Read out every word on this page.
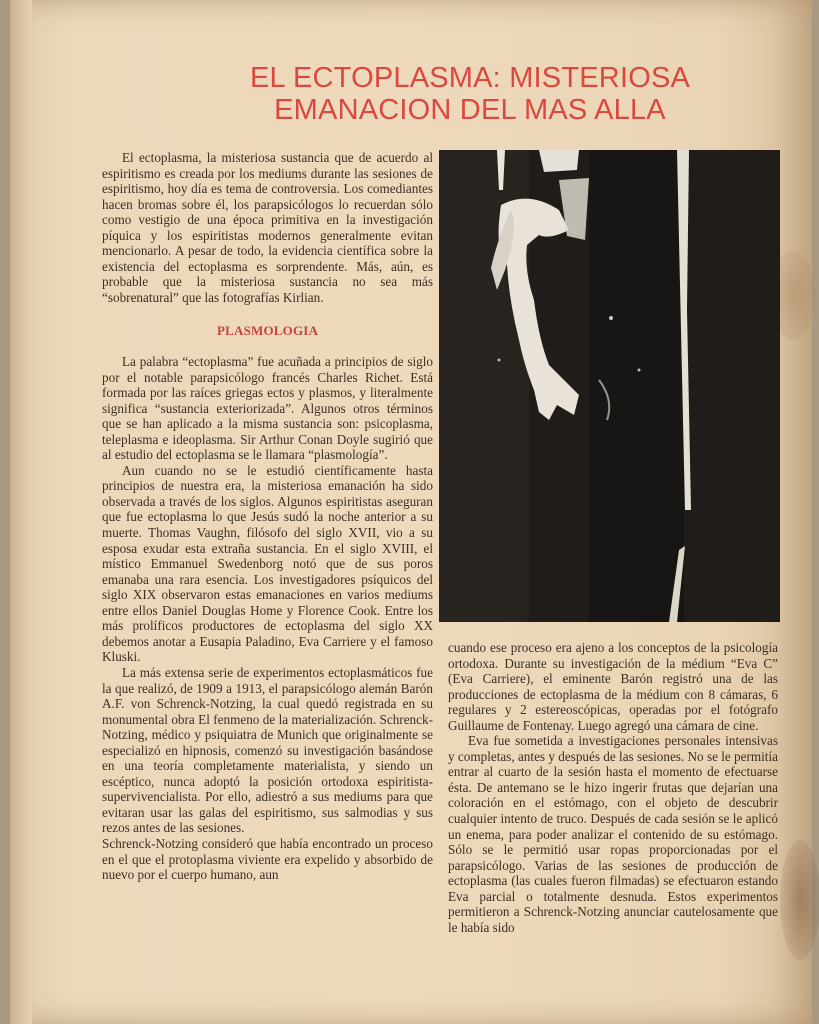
EL ECTOPLASMA: MISTERIOSA
EMANACION DEL MAS ALLA

El ectoplasma, la misteriosa sustancia que de acuerdo al espiritismo es creada por los mediums durante las sesiones de espiritismo, hoy día es tema de controversia. Los comediantes hacen bromas sobre él, los parapsicólogos lo recuerdan sólo como vestigio de una época primitiva en la investigación píquica y los espiritistas modernos generalmente evitan mencionarlo. A pesar de todo, la evidencia científica sobre la existencia del ectoplasma es sorprendente. Más, aún, es probable que la misteriosa sustancia no sea más “sobrenatural” que las fotografías Kirlian.

PLASMOLOGIA

La palabra “ectoplasma” fue acuñada a principios de siglo por el notable parapsicólogo francés Charles Richet. Está formada por las raíces griegas ectos y plasmos, y literalmente significa “sustancia exteriorizada”. Algunos otros términos que se han aplicado a la misma sustancia son: psicoplasma, teleplasma e ideoplasma. Sir Arthur Conan Doyle sugirió que al estudio del ectoplasma se le llamara “plasmología”.

Aun cuando no se le estudió científicamente hasta principios de nuestra era, la misteriosa emanación ha sido observada a través de los siglos. Algunos espiritistas aseguran que fue ectoplasma lo que Jesús sudó la noche anterior a su muerte. Thomas Vaughn, filósofo del siglo XVII, vio a su esposa exudar esta extraña sustancia. En el siglo XVIII, el místico Emmanuel Swedenborg notó que de sus poros emanaba una rara esencia. Los investigadores psíquicos del siglo XIX observaron estas emanaciones en varios mediums entre ellos Daniel Douglas Home y Florence Cook. Entre los más prolíficos productores de ectoplasma del siglo XX debemos anotar a Eusapia Paladino, Eva Carriere y el famoso Kluski.

La más extensa serie de experimentos ectoplasmáticos fue la que realizó, de 1909 a 1913, el parapsicólogo alemán Barón A.F. von Schrenck-Notzing, la cual quedó registrada en su monumental obra El fenmeno de la materialización. Schrenck-Notzing, médico y psiquiatra de Munich que originalmente se especializó en hipnosis, comenzó su investigación basándose en una teoría completamente materialista, y siendo un escéptico, nunca adoptó la posición ortodoxa espiritista-supervivencialista. Por ello, adiestró a sus mediums para que evitaran usar las galas del espiritismo, sus salmodias y sus rezos antes de las sesiones.

Schrenck-Notzing consideró que había encontrado un proceso en el que el protoplasma viviente era expelido y absorbido de nuevo por el cuerpo humano, aun

cuando ese proceso era ajeno a los conceptos de la psicología ortodoxa. Durante su investigación de la médium “Eva C” (Eva Carriere), el eminente Barón registró una de las producciones de ectoplasma de la médium con 8 cámaras, 6 regulares y 2 estereoscópicas, operadas por el fotógrafo Guillaume de Fontenay. Luego agregó una cámara de cine.

Eva fue sometida a investigaciones personales intensivas y completas, antes y después de las sesiones. No se le permitía entrar al cuarto de la sesión hasta el momento de efectuarse ésta. De antemano se le hizo ingerir frutas que dejarían una coloración en el estómago, con el objeto de descubrir cualquier intento de truco. Después de cada sesión se le aplicó un enema, para poder analizar el contenido de su estómago. Sólo se le permitió usar ropas proporcionadas por el parapsicólogo. Varias de las sesiones de producción de ectoplasma (las cuales fueron filmadas) se efectuaron estando Eva parcial o totalmente desnuda. Estos experimentos permitieron a Schrenck-Notzing anunciar cautelosamente que le había sido
